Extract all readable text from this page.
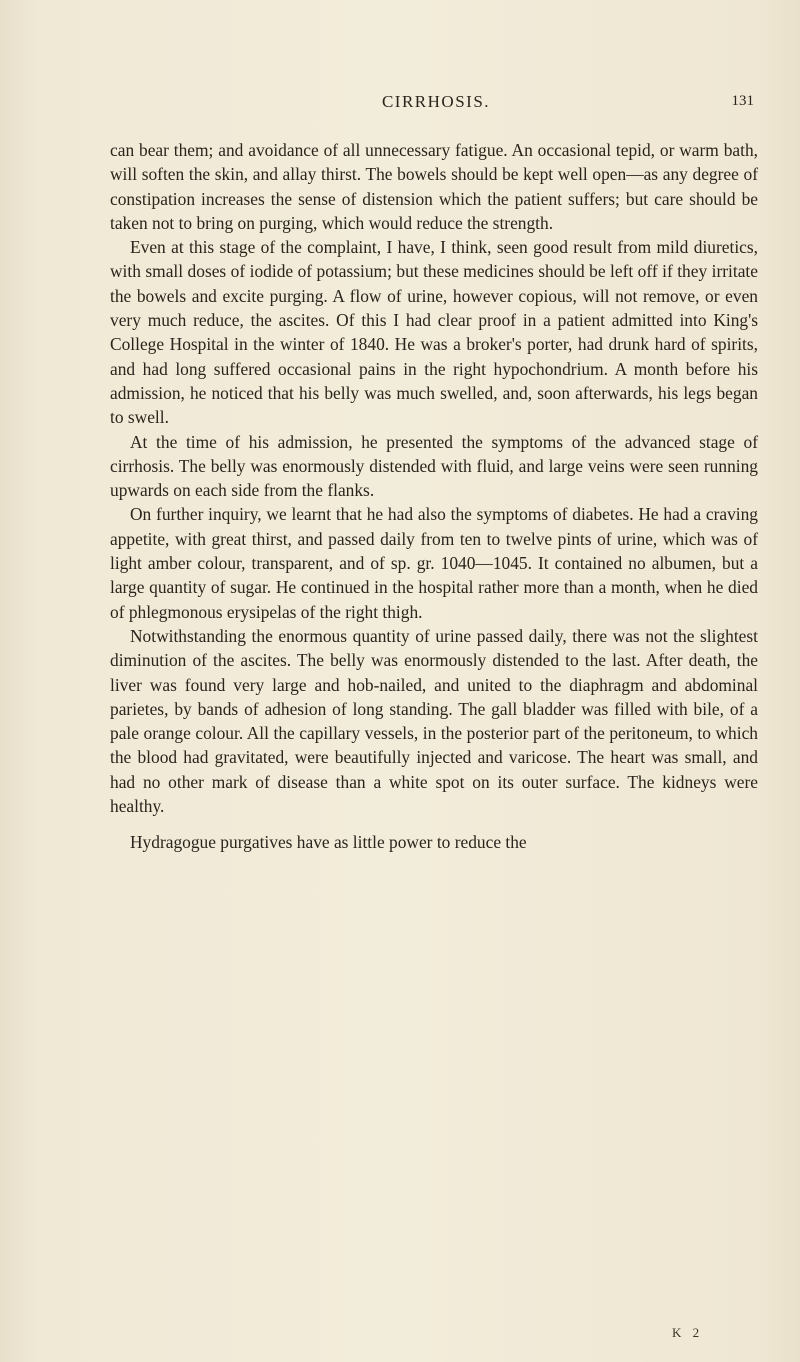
CIRRHOSIS.	131

can bear them; and avoidance of all unnecessary fatigue. An occasional tepid, or warm bath, will soften the skin, and allay thirst. The bowels should be kept well open—as any degree of constipation increases the sense of distension which the patient suffers; but care should be taken not to bring on purging, which would reduce the strength.

Even at this stage of the complaint, I have, I think, seen good result from mild diuretics, with small doses of iodide of potassium; but these medicines should be left off if they irritate the bowels and excite purging. A flow of urine, however copious, will not remove, or even very much reduce, the ascites. Of this I had clear proof in a patient admitted into King's College Hospital in the winter of 1840. He was a broker's porter, had drunk hard of spirits, and had long suffered occasional pains in the right hypochondrium. A month before his admission, he noticed that his belly was much swelled, and, soon afterwards, his legs began to swell.

At the time of his admission, he presented the symptoms of the advanced stage of cirrhosis. The belly was enormously distended with fluid, and large veins were seen running upwards on each side from the flanks.

On further inquiry, we learnt that he had also the symptoms of diabetes. He had a craving appetite, with great thirst, and passed daily from ten to twelve pints of urine, which was of light amber colour, transparent, and of sp. gr. 1040—1045. It contained no albumen, but a large quantity of sugar. He continued in the hospital rather more than a month, when he died of phlegmonous erysipelas of the right thigh.

Notwithstanding the enormous quantity of urine passed daily, there was not the slightest diminution of the ascites. The belly was enormously distended to the last. After death, the liver was found very large and hob-nailed, and united to the diaphragm and abdominal parietes, by bands of adhesion of long standing. The gall bladder was filled with bile, of a pale orange colour. All the capillary vessels, in the posterior part of the peritoneum, to which the blood had gravitated, were beautifully injected and varicose. The heart was small, and had no other mark of disease than a white spot on its outer surface. The kidneys were healthy.

Hydragogue purgatives have as little power to reduce the

K 2
